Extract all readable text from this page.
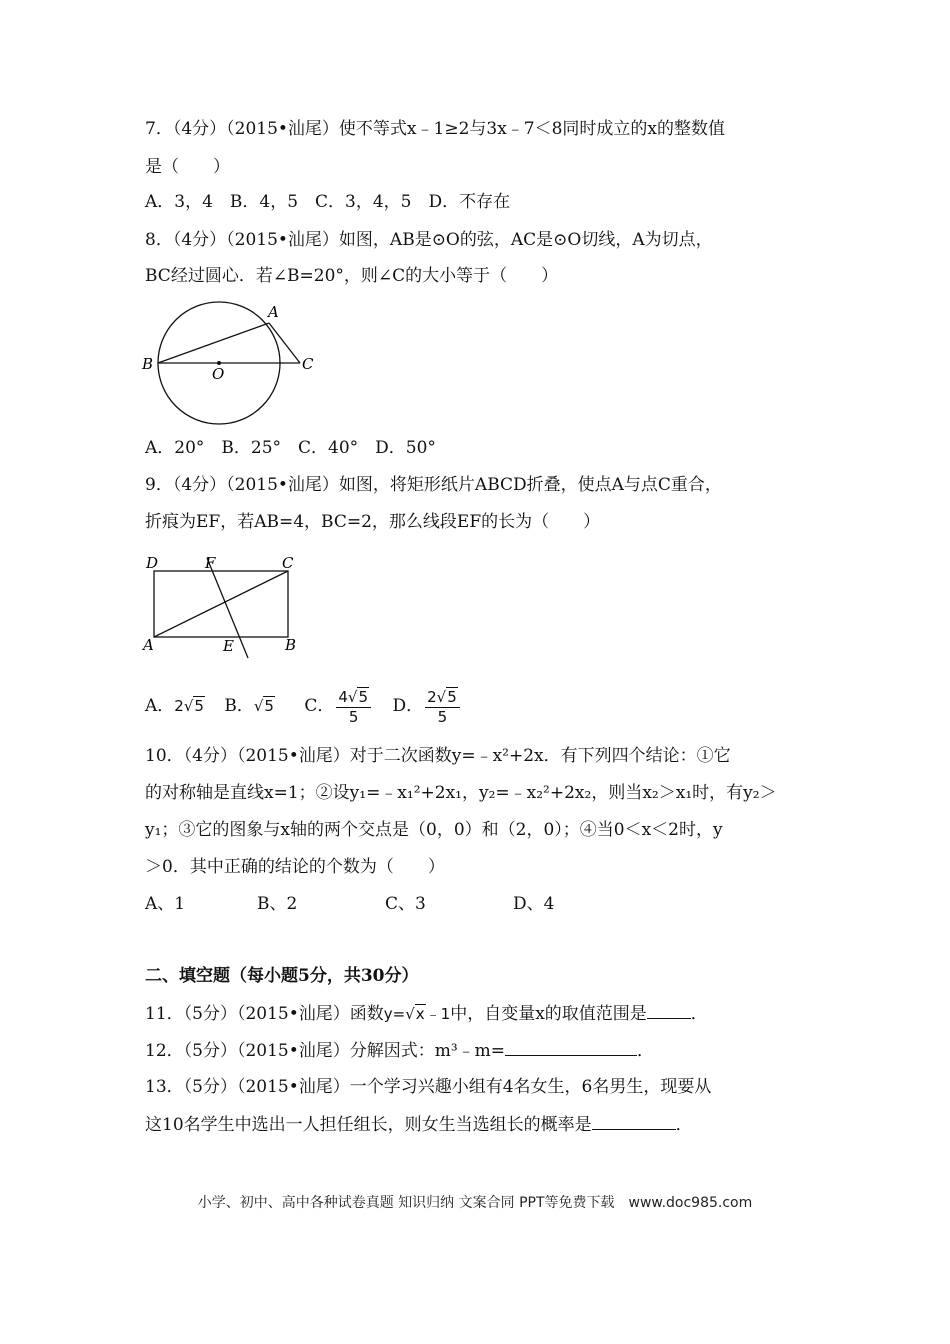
7．（4分）（2015•汕尾）使不等式x﹣1≥2与3x﹣7＜8同时成立的x的整数值
是（　　）
A．3，4　B．4，5　C．3，4，5　D．不存在
8．（4分）（2015•汕尾）如图，AB是⊙O的弦，AC是⊙O切线，A为切点，
BC经过圆心．若∠B=20°，则∠C的大小等于（　　）
A
B
O
C
A．20°　B．25°　C．40°　D．50°
9．（4分）（2015•汕尾）如图，将矩形纸片ABCD折叠，使点A与点C重合，
折痕为EF，若AB=4，BC=2，那么线段EF的长为（　　）
D	F	C
A	E	B
A．2√5 B．√5 C． $\frac{4√5}{5}$ D． $\frac{2√5}{5}$
10．（4分）（2015•汕尾）对于二次函数y=﹣x²+2x．有下列四个结论：①它
的对称轴是直线x=1；②设y₁=﹣x₁²+2x₁，y₂=﹣x₂²+2x₂，则当x₂＞x₁时，有y₂＞
y₁；③它的图象与x轴的两个交点是（0，0）和（2，0）；④当0＜x＜2时，y
＞0．其中正确的结论的个数为（　　）
A、1	B、2	C、3	D、4
二、填空题（每小题5分，共30分）
11．（5分）（2015•汕尾）函数y=√x﹣1中，自变量x的取值范围是	．
12．（5分）（2015•汕尾）分解因式：m³﹣m=	．
13．（5分）（2015•汕尾）一个学习兴趣小组有4名女生，6名男生，现要从
这10名学生中选出一人担任组长，则女生当选组长的概率是	．
小学、初中、高中各种试卷真题 知识归纳 文案合同 PPT等免费下载　www.doc985.com
